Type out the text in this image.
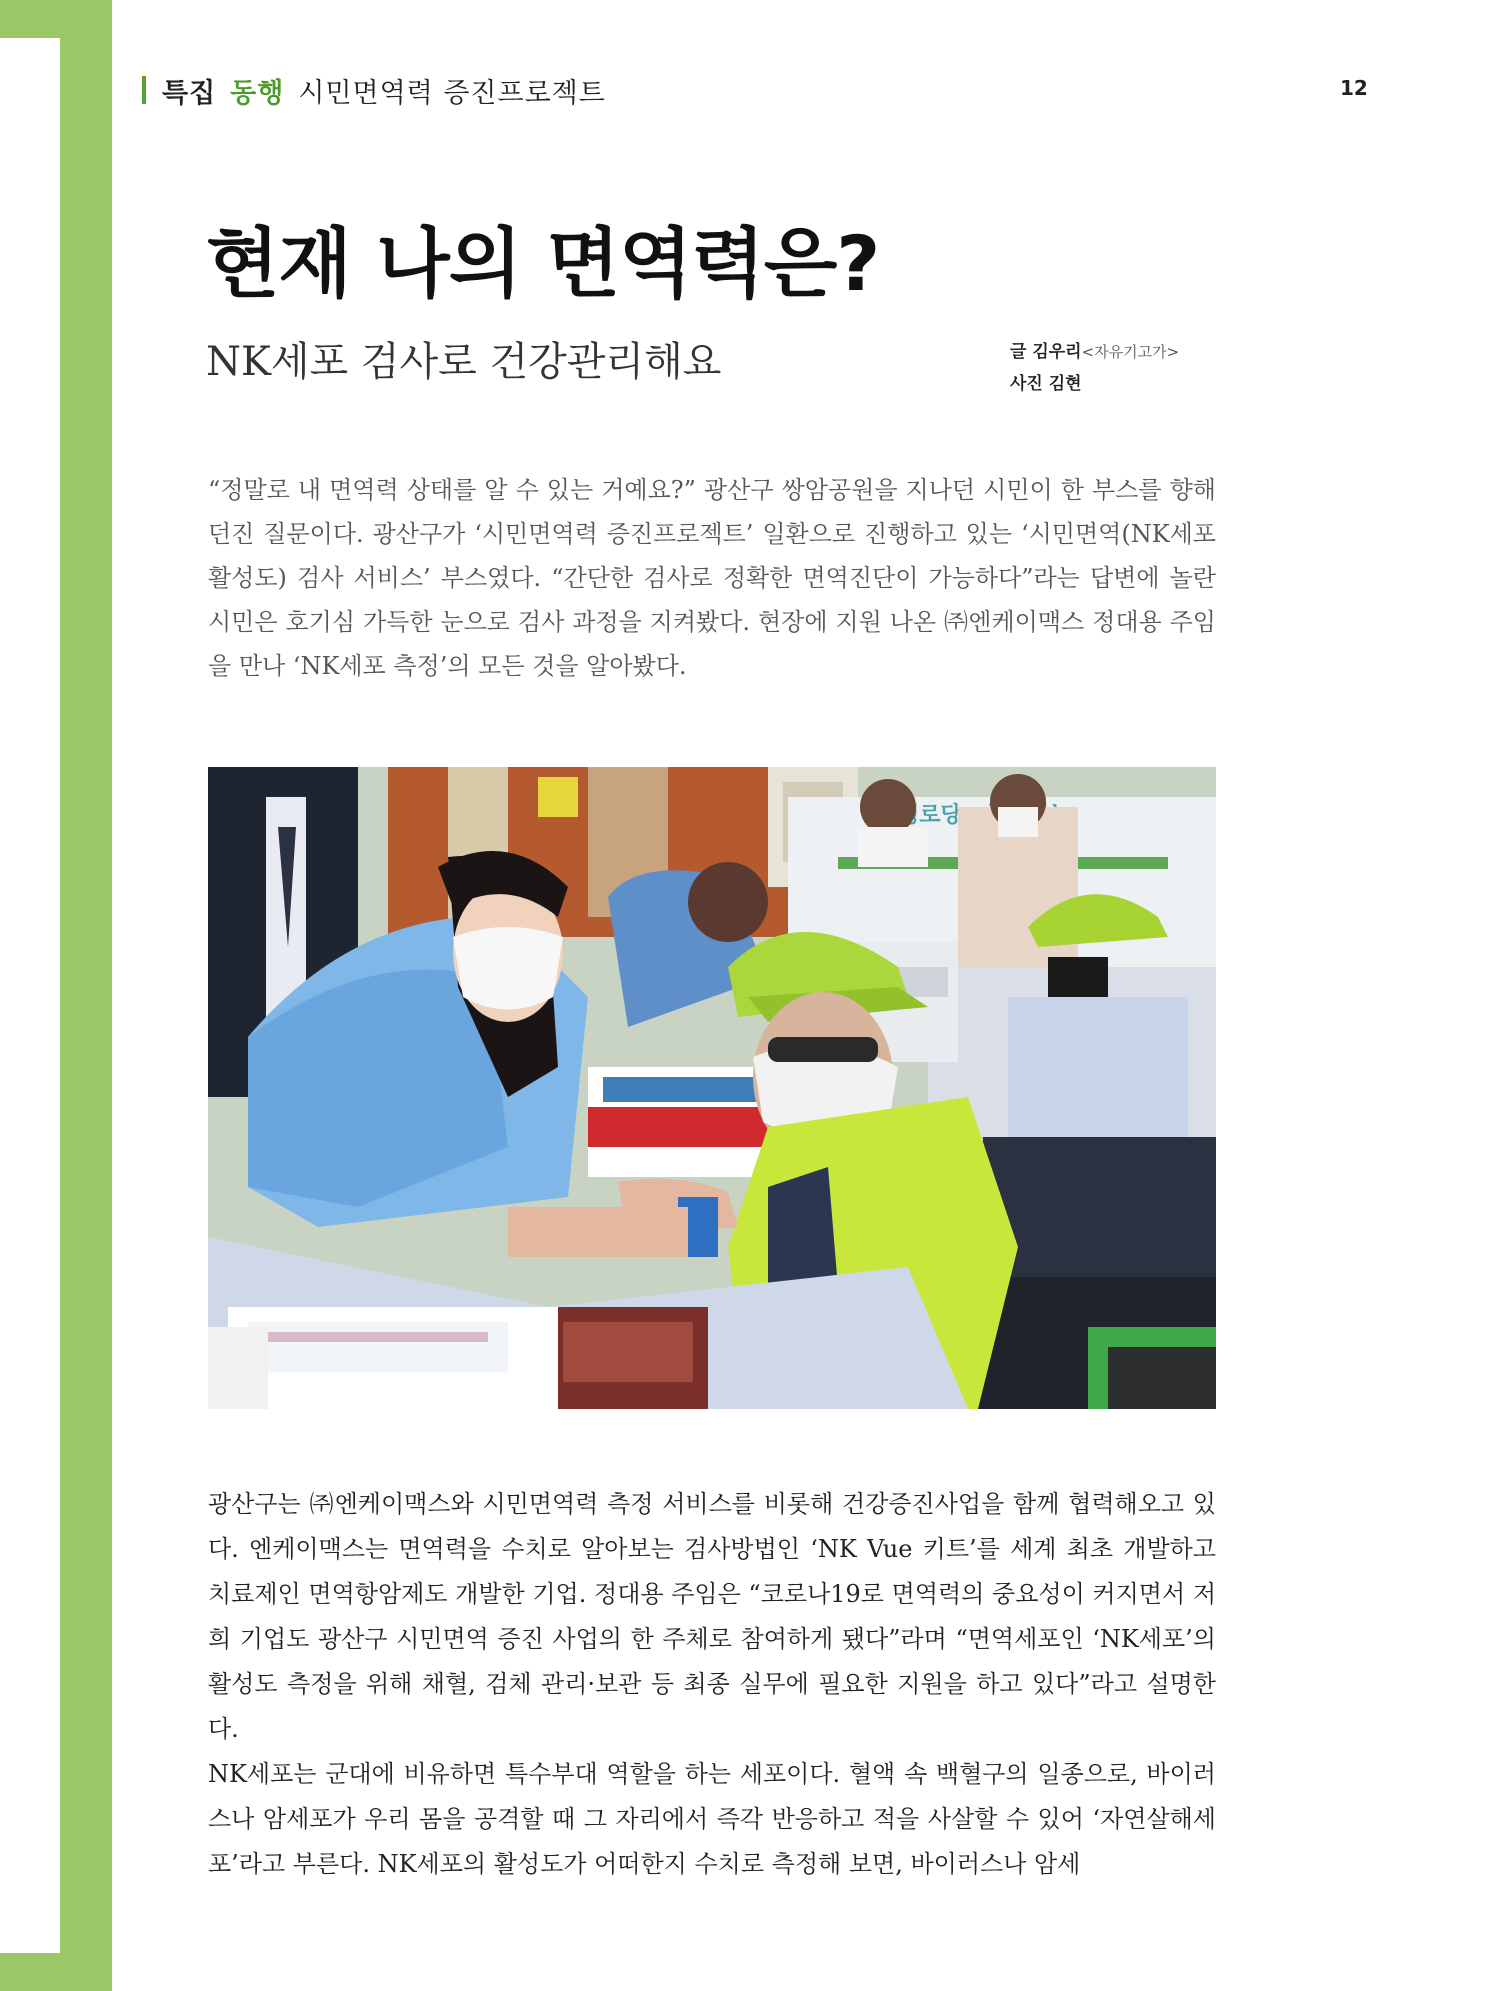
특집 동행 시민면역력 증진프로젝트	12
현재 나의 면역력은?
NK세포 검사로 건강관리해요	글 김우리<자유기고가>
사진 김현

“정말로 내 면역력 상태를 알 수 있는 거예요?” 광산구 쌍암공원을 지나던 시민이 한 부스를 향해 던진 질문이다. 광산구가 ‘시민면역력 증진프로젝트’ 일환으로 진행하고 있는 ‘시민면역(NK세포 활성도) 검사 서비스’ 부스였다. “간단한 검사로 정확한 면역진단이 가능하다”라는 답변에 놀란 시민은 호기심 가득한 눈으로 검사 과정을 지켜봤다. 현장에 지원 나온 ㈜엔케이맥스 정대용 주임을 만나 ‘NK세포 측정’의 모든 것을 알아봤다.

경로당,

광산구는 ㈜엔케이맥스와 시민면역력 측정 서비스를 비롯해 건강증진사업을 함께 협력해오고 있다. 엔케이맥스는 면역력을 수치로 알아보는 검사방법인 ‘NK Vue 키트’를 세계 최초 개발하고 치료제인 면역항암제도 개발한 기업. 정대용 주임은 “코로나19로 면역력의 중요성이 커지면서 저희 기업도 광산구 시민면역 증진 사업의 한 주체로 참여하게 됐다”라며 “면역세포인 ‘NK세포’의 활성도 측정을 위해 채혈, 검체 관리·보관 등 최종 실무에 필요한 지원을 하고 있다”라고 설명한다.

NK세포는 군대에 비유하면 특수부대 역할을 하는 세포이다. 혈액 속 백혈구의 일종으로, 바이러스나 암세포가 우리 몸을 공격할 때 그 자리에서 즉각 반응하고 적을 사살할 수 있어 ‘자연살해세포’라고 부른다. NK세포의 활성도가 어떠한지 수치로 측정해 보면, 바이러스나 암세
